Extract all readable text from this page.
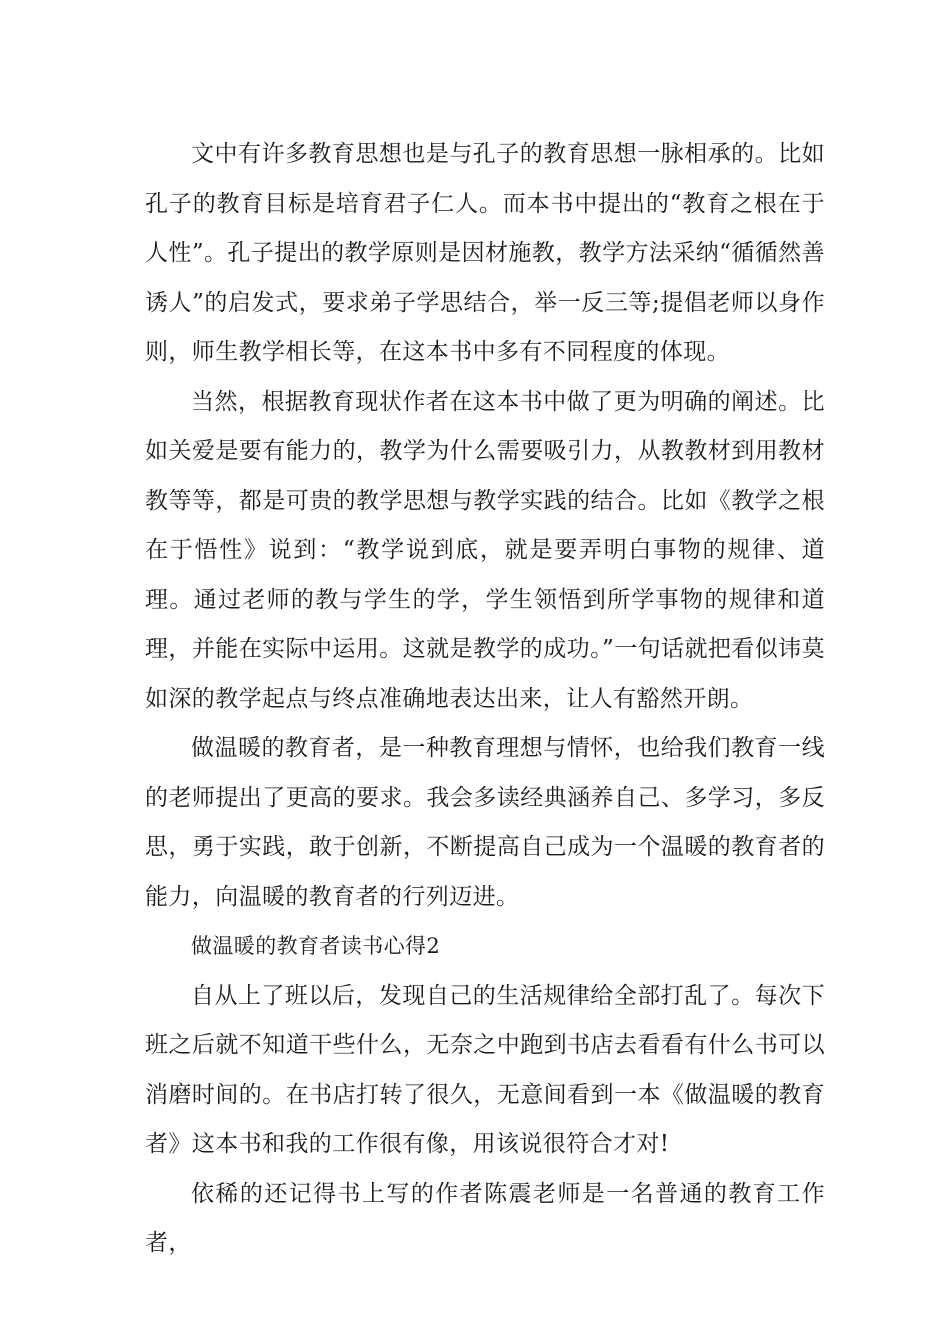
文中有许多教育思想也是与孔子的教育思想一脉相承的。比如孔子的教育目标是培育君子仁人。而本书中提出的“教育之根在于人性”。孔子提出的教学原则是因材施教，教学方法采纳“循循然善诱人”的启发式，要求弟子学思结合，举一反三等;提倡老师以身作则，师生教学相长等，在这本书中多有不同程度的体现。

当然，根据教育现状作者在这本书中做了更为明确的阐述。比如关爱是要有能力的，教学为什么需要吸引力，从教教材到用教材教等等，都是可贵的教学思想与教学实践的结合。比如《教学之根在于悟性》说到：“教学说到底，就是要弄明白事物的规律、道理。通过老师的教与学生的学，学生领悟到所学事物的规律和道理，并能在实际中运用。这就是教学的成功。”一句话就把看似讳莫如深的教学起点与终点准确地表达出来，让人有豁然开朗。

做温暖的教育者，是一种教育理想与情怀，也给我们教育一线的老师提出了更高的要求。我会多读经典涵养自己、多学习，多反思，勇于实践，敢于创新，不断提高自己成为一个温暖的教育者的能力，向温暖的教育者的行列迈进。

做温暖的教育者读书心得2

自从上了班以后，发现自己的生活规律给全部打乱了。每次下班之后就不知道干些什么，无奈之中跑到书店去看看有什么书可以消磨时间的。在书店打转了很久，无意间看到一本《做温暖的教育者》这本书和我的工作很有像，用该说很符合才对!

依稀的还记得书上写的作者陈震老师是一名普通的教育工作者，
